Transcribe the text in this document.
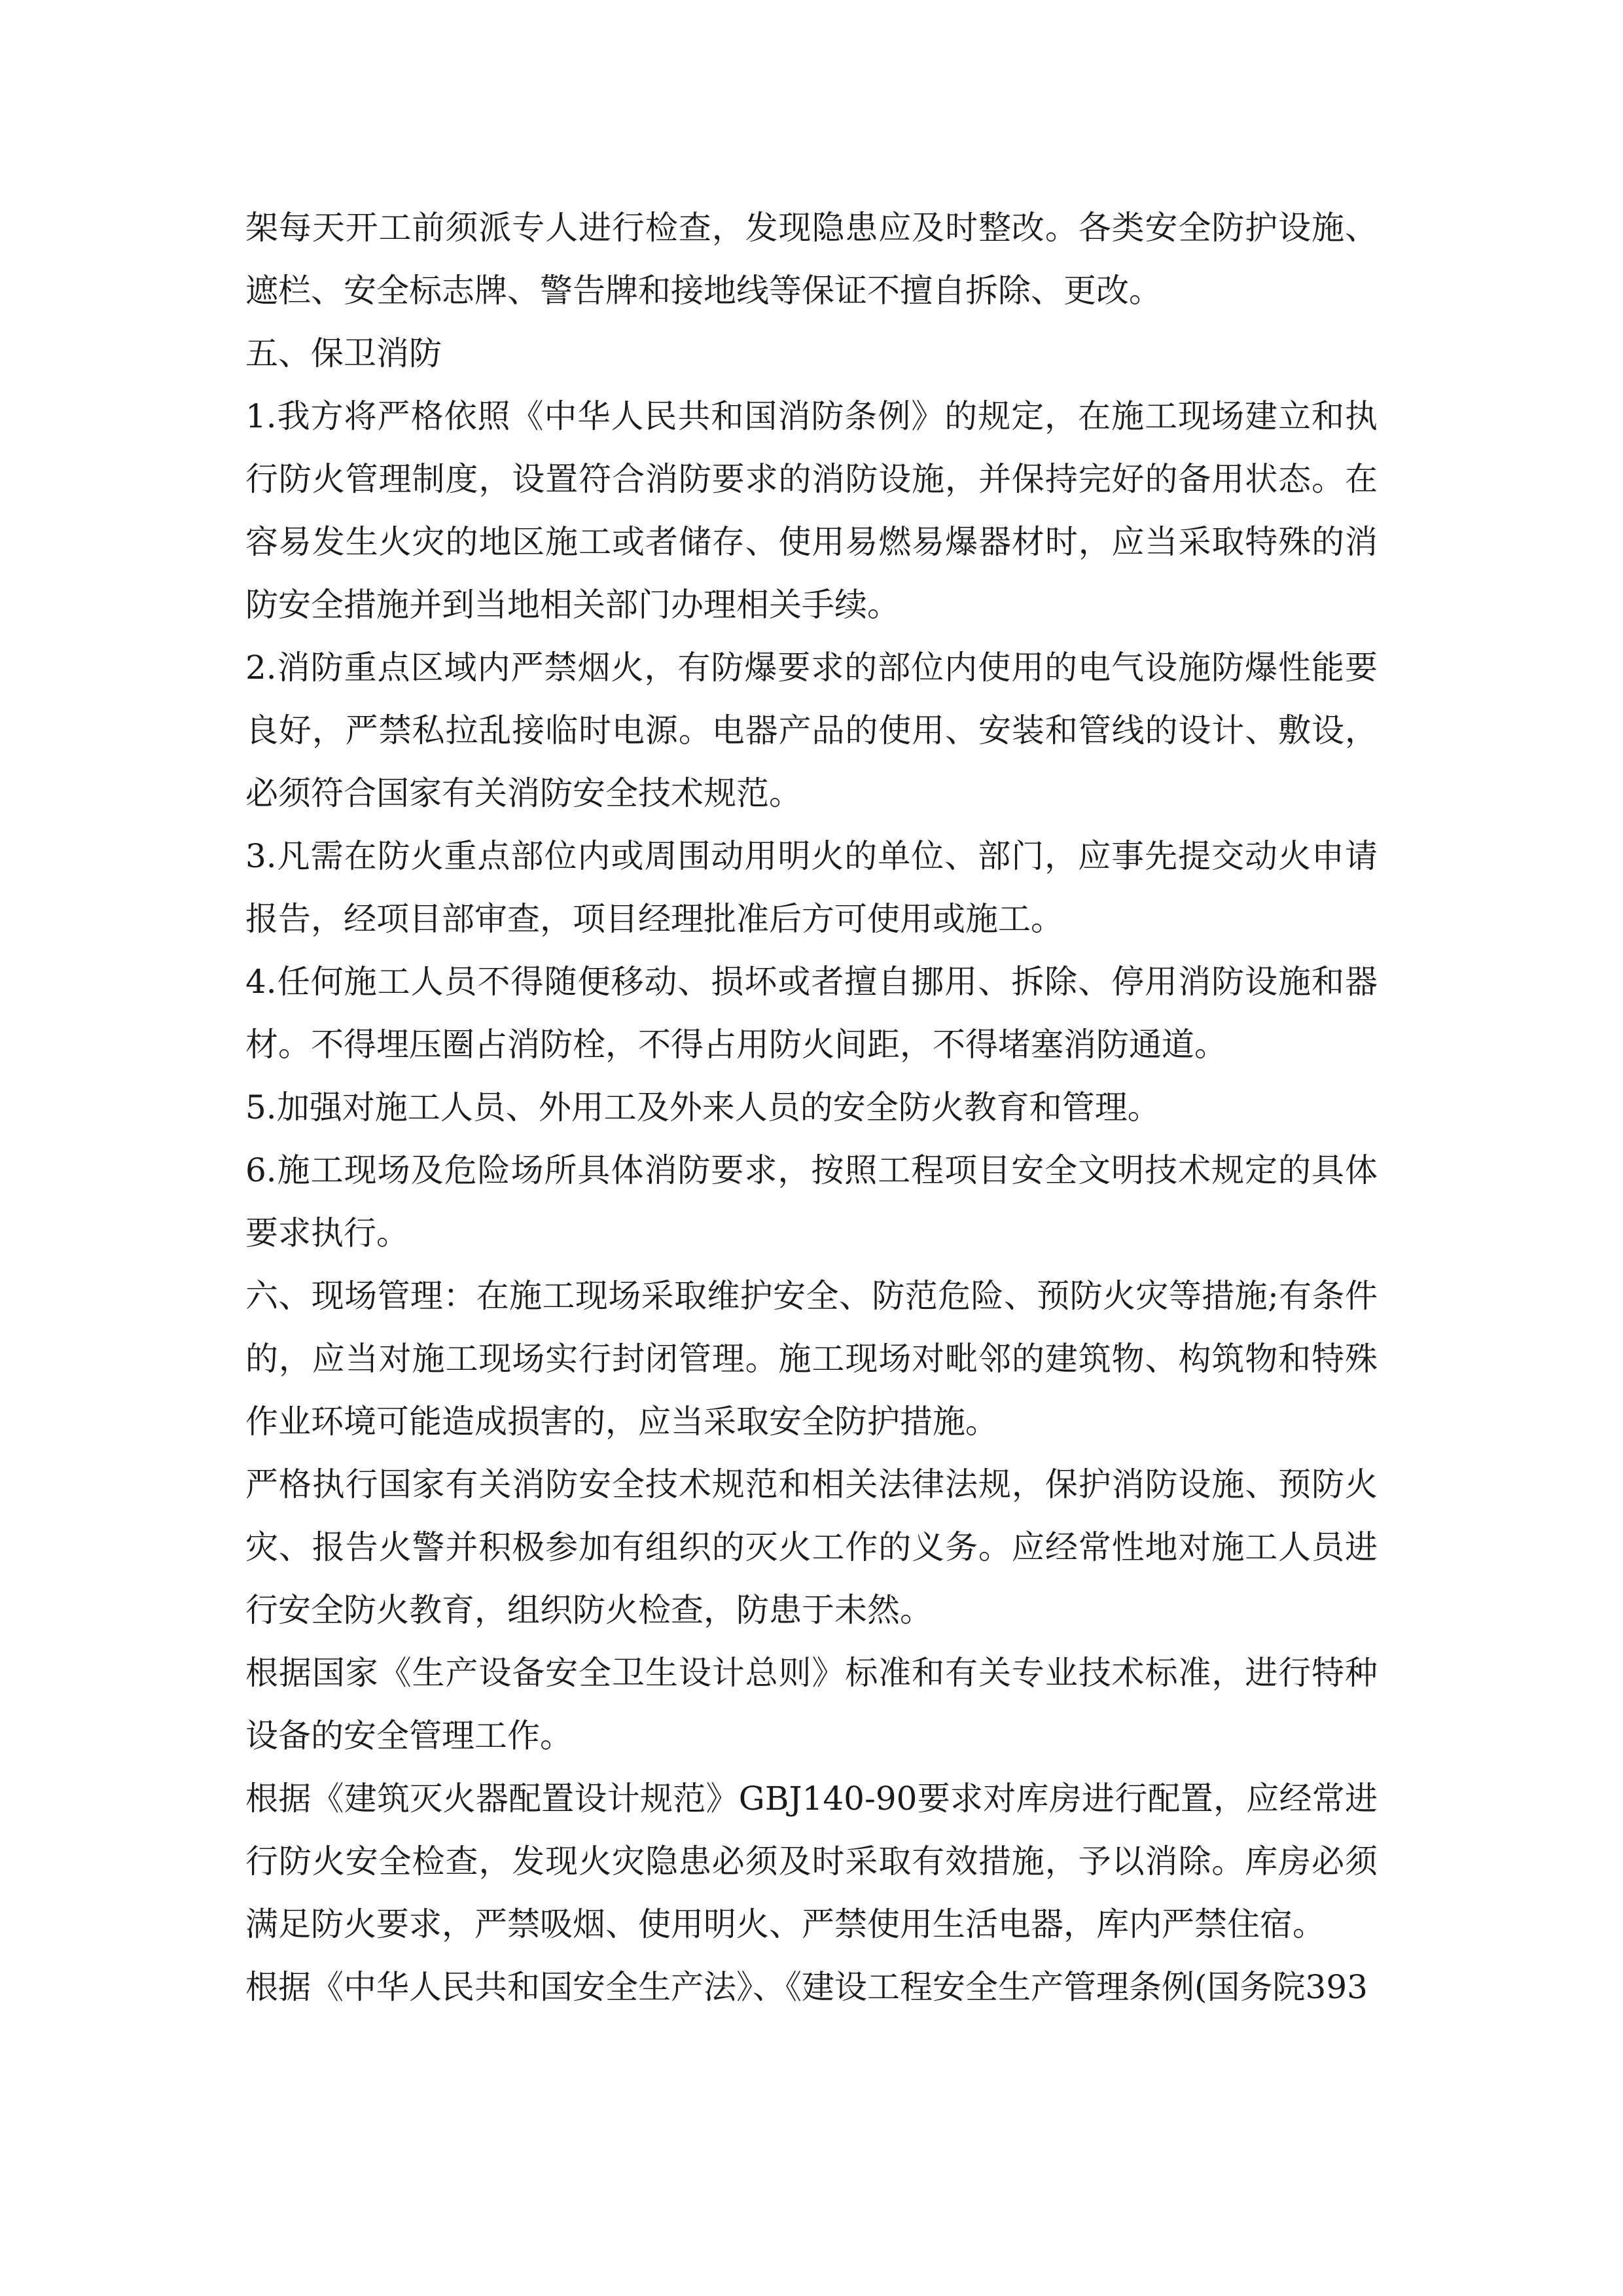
架每天开工前须派专人进行检查，发现隐患应及时整改。各类安全防护设施、遮栏、安全标志牌、警告牌和接地线等保证不擅自拆除、更改。

五、保卫消防

1.我方将严格依照《中华人民共和国消防条例》的规定，在施工现场建立和执行防火管理制度，设置符合消防要求的消防设施，并保持完好的备用状态。在容易发生火灾的地区施工或者储存、使用易燃易爆器材时，应当采取特殊的消防安全措施并到当地相关部门办理相关手续。

2.消防重点区域内严禁烟火，有防爆要求的部位内使用的电气设施防爆性能要良好，严禁私拉乱接临时电源。电器产品的使用、安装和管线的设计、敷设，必须符合国家有关消防安全技术规范。

3.凡需在防火重点部位内或周围动用明火的单位、部门，应事先提交动火申请报告，经项目部审查，项目经理批准后方可使用或施工。

4.任何施工人员不得随便移动、损坏或者擅自挪用、拆除、停用消防设施和器材。不得埋压圈占消防栓，不得占用防火间距，不得堵塞消防通道。

5.加强对施工人员、外用工及外来人员的安全防火教育和管理。

6.施工现场及危险场所具体消防要求，按照工程项目安全文明技术规定的具体要求执行。

六、现场管理：在施工现场采取维护安全、防范危险、预防火灾等措施;有条件的，应当对施工现场实行封闭管理。施工现场对毗邻的建筑物、构筑物和特殊作业环境可能造成损害的，应当采取安全防护措施。

严格执行国家有关消防安全技术规范和相关法律法规，保护消防设施、预防火灾、报告火警并积极参加有组织的灭火工作的义务。应经常性地对施工人员进行安全防火教育，组织防火检查，防患于未然。

根据国家《生产设备安全卫生设计总则》标准和有关专业技术标准，进行特种设备的安全管理工作。

根据《建筑灭火器配置设计规范》GBJ140-90要求对库房进行配置，应经常进行防火安全检查，发现火灾隐患必须及时采取有效措施，予以消除。库房必须满足防火要求，严禁吸烟、使用明火、严禁使用生活电器，库内严禁住宿。

根据《中华人民共和国安全生产法》、《建设工程安全生产管理条例(国务院393
